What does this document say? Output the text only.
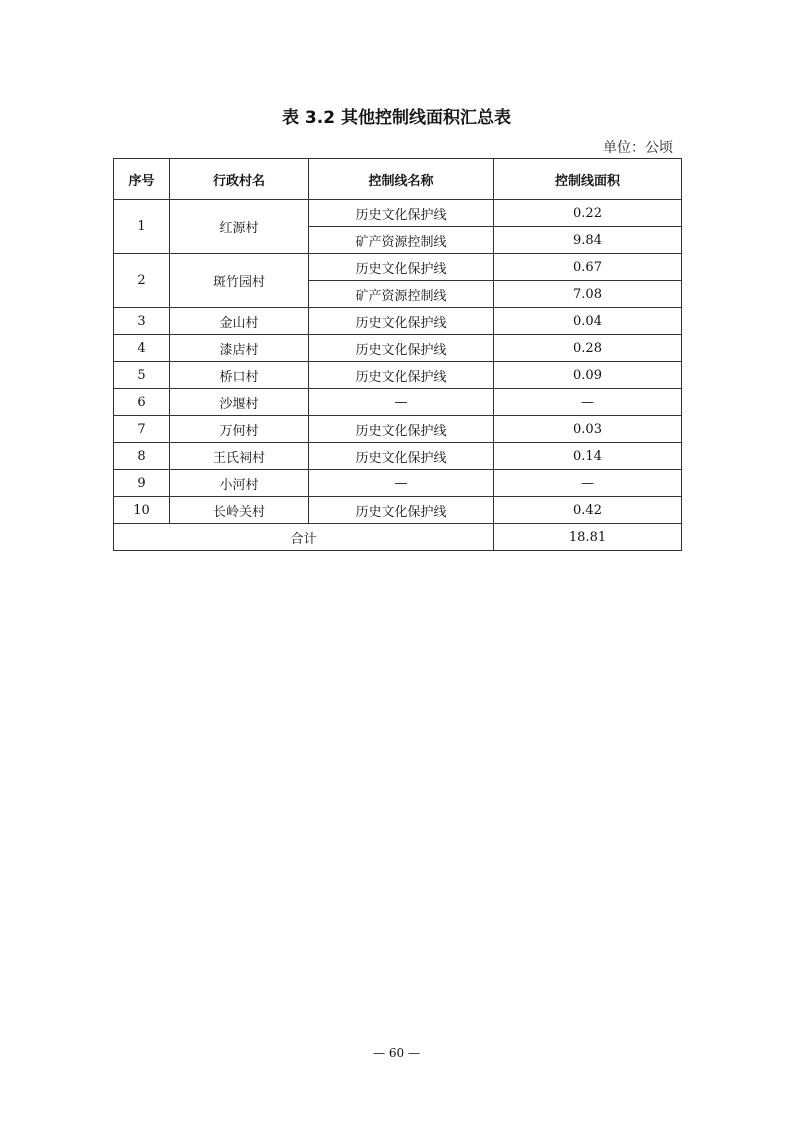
表 3.2 其他控制线面积汇总表
单位：公顷
序号	行政村名	控制线名称	控制线面积
1	红源村	历史文化保护线	0.22
		矿产资源控制线	9.84
2	斑竹园村	历史文化保护线	0.67
		矿产资源控制线	7.08
3	金山村	历史文化保护线	0.04
4	漆店村	历史文化保护线	0.28
5	桥口村	历史文化保护线	0.09
6	沙堰村	—	—
7	万何村	历史文化保护线	0.03
8	王氏祠村	历史文化保护线	0.14
9	小河村	—	—
10	长岭关村	历史文化保护线	0.42
合计			18.81
— 60 —
